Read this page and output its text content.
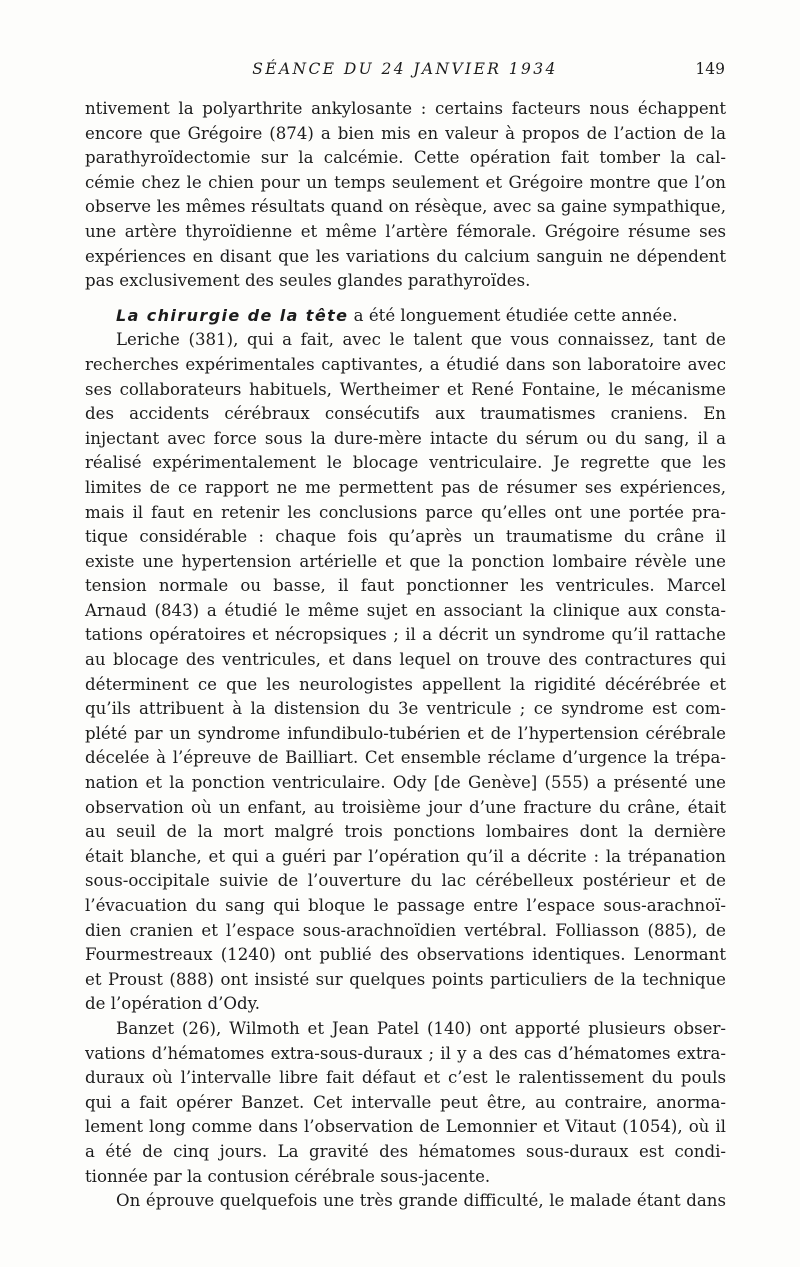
SÉANCE DU 24 JANVIER 1934	149
ntivement la polyarthrite ankylosante : certains facteurs nous échappent
encore que Grégoire (874) a bien mis en valeur à propos de l’action de la
parathyroïdectomie sur la calcémie. Cette opération fait tomber la cal-
cémie chez le chien pour un temps seulement et Grégoire montre que l’on
observe les mêmes résultats quand on résèque, avec sa gaine sympathique,
une artère thyroïdienne et même l’artère fémorale. Grégoire résume ses
expériences en disant que les variations du calcium sanguin ne dépendent
pas exclusivement des seules glandes parathyroïdes.
La chirurgie de la tête a été longuement étudiée cette année.
Leriche (381), qui a fait, avec le talent que vous connaissez, tant de
recherches expérimentales captivantes, a étudié dans son laboratoire avec
ses collaborateurs habituels, Wertheimer et René Fontaine, le mécanisme
des accidents cérébraux consécutifs aux traumatismes craniens. En
injectant avec force sous la dure-mère intacte du sérum ou du sang, il a
réalisé expérimentalement le blocage ventriculaire. Je regrette que les
limites de ce rapport ne me permettent pas de résumer ses expériences,
mais il faut en retenir les conclusions parce qu’elles ont une portée pra-
tique considérable : chaque fois qu’après un traumatisme du crâne il
existe une hypertension artérielle et que la ponction lombaire révèle une
tension normale ou basse, il faut ponctionner les ventricules. Marcel
Arnaud (843) a étudié le même sujet en associant la clinique aux consta-
tations opératoires et nécropsiques ; il a décrit un syndrome qu’il rattache
au blocage des ventricules, et dans lequel on trouve des contractures qui
déterminent ce que les neurologistes appellent la rigidité décérébrée et
qu’ils attribuent à la distension du 3e ventricule ; ce syndrome est com-
plété par un syndrome infundibulo-tubérien et de l’hypertension cérébrale
décelée à l’épreuve de Bailliart. Cet ensemble réclame d’urgence la trépa-
nation et la ponction ventriculaire. Ody [de Genève] (555) a présenté une
observation où un enfant, au troisième jour d’une fracture du crâne, était
au seuil de la mort malgré trois ponctions lombaires dont la dernière
était blanche, et qui a guéri par l’opération qu’il a décrite : la trépanation
sous-occipitale suivie de l’ouverture du lac cérébelleux postérieur et de
l’évacuation du sang qui bloque le passage entre l’espace sous-arachnoï-
dien cranien et l’espace sous-arachnoïdien vertébral. Folliasson (885), de
Fourmestreaux (1240) ont publié des observations identiques. Lenormant
et Proust (888) ont insisté sur quelques points particuliers de la technique
de l’opération d’Ody.
Banzet (26), Wilmoth et Jean Patel (140) ont apporté plusieurs obser-
vations d’hématomes extra-sous-duraux ; il y a des cas d’hématomes extra-
duraux où l’intervalle libre fait défaut et c’est le ralentissement du pouls
qui a fait opérer Banzet. Cet intervalle peut être, au contraire, anorma-
lement long comme dans l’observation de Lemonnier et Vitaut (1054), où il
a été de cinq jours. La gravité des hématomes sous-duraux est condi-
tionnée par la contusion cérébrale sous-jacente.
On éprouve quelquefois une très grande difficulté, le malade étant dans
